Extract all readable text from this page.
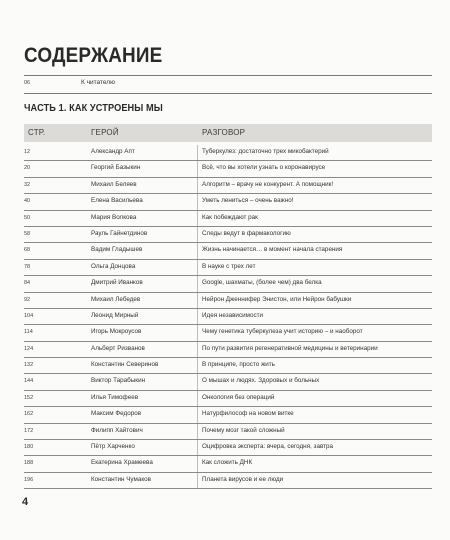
СОДЕРЖАНИЕ
06	К читателю
ЧАСТЬ 1. КАК УСТРОЕНЫ МЫ
СТР.	ГЕРОЙ	РАЗГОВОР
12	Александр Апт	Туберкулез: достаточно трех микобактерий
20	Георгий Базыкин	Всё, что вы хотели узнать о коронавирусе
32	Михаил Беляев	Алгоритм – врачу не конкурент. А помощник!
40	Елена Васильева	Уметь лениться – очень важно!
50	Мария Волкова	Как побеждают рак
58	Рауль Гайнетдинов	Следы ведут в фармакологию
68	Вадим Гладышев	Жизнь начинается… в момент начала старения
78	Ольга Донцова	В науке с трех лет
84	Дмитрий Иванков	Google, шахматы, (более чем) два белка
92	Михаил Лебедев	Нейрон Дженнифер Энистон, или Нейрон бабушки
104	Леонид Мирный	Идея независимости
114	Игорь Мокроусов	Чему генетика туберкулеза учит историю – и наоборот
124	Альберт Ризванов	По пути развития регенеративной медицины и ветеринарии
132	Константин Северинов	В принципе, просто жить
144	Виктор Тарабыкин	О мышах и людях. Здоровых и больных
152	Илья Тимофеев	Онкология без операций
162	Максим Федоров	Натурфилософ на новом витке
172	Филипп Хайтович	Почему мозг такой сложный
180	Пётр Харченко	Оцифровка эксперта: вчера, сегодня, завтра
188	Екатерина Храмеева	Как сложить ДНК
196	Константин Чумаков	Планета вирусов и ее люди
4
